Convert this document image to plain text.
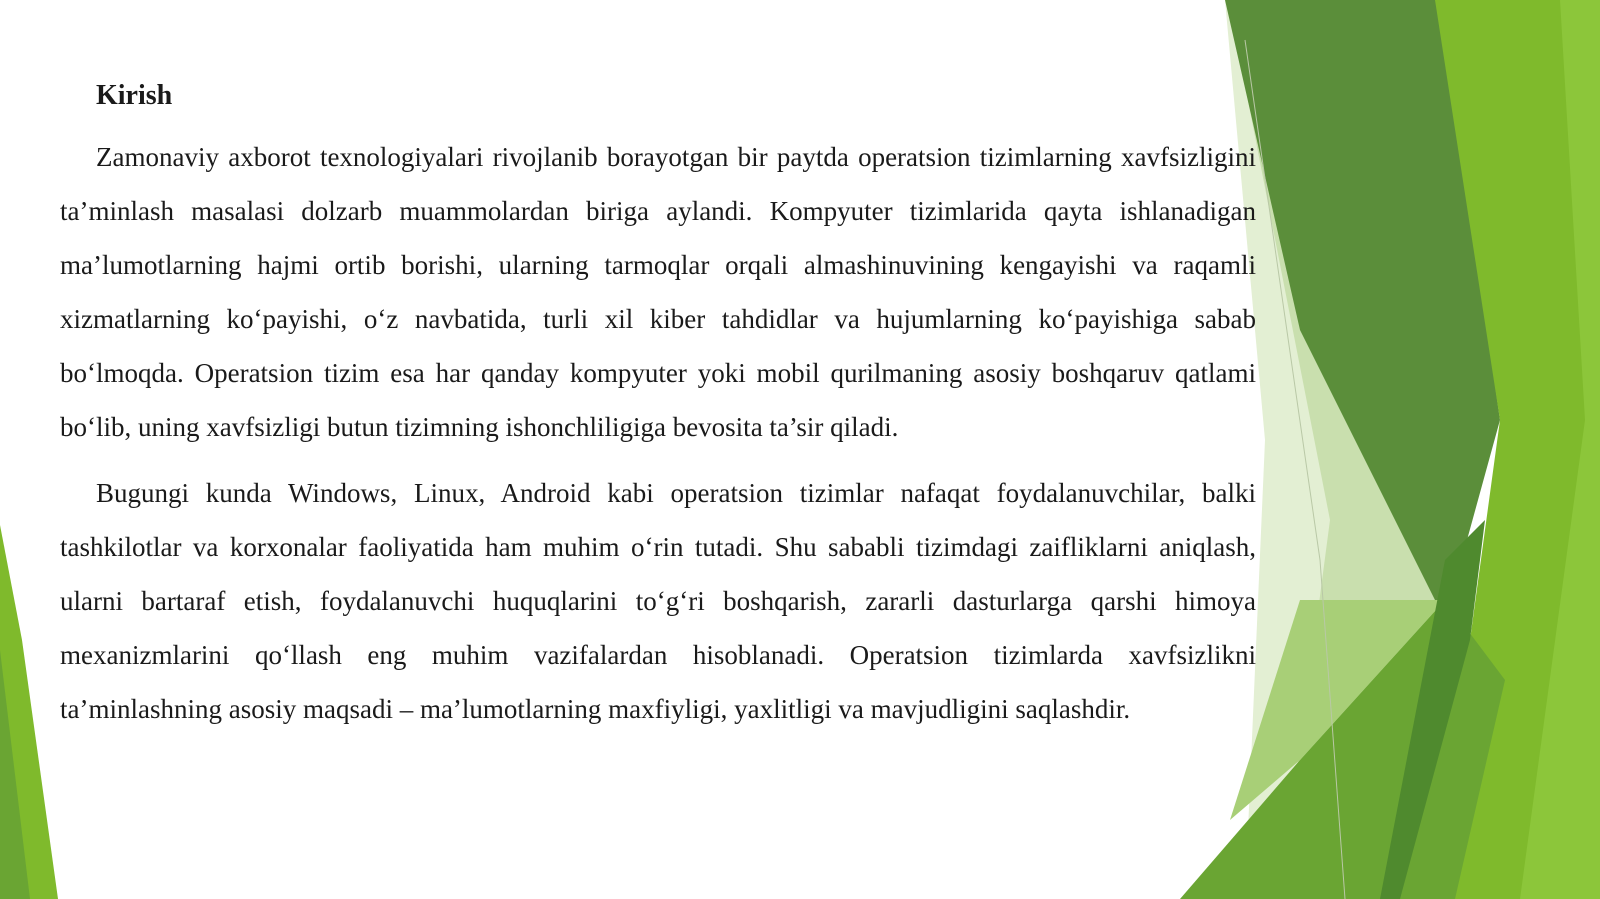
Kirish

Zamonaviy axborot texnologiyalari rivojlanib borayotgan bir paytda operatsion tizimlarning xavfsizligini ta’minlash masalasi dolzarb muammolardan biriga aylandi. Kompyuter tizimlarida qayta ishlanadigan ma’lumotlarning hajmi ortib borishi, ularning tarmoqlar orqali almashinuvining kengayishi va raqamli xizmatlarning ko‘payishi, o‘z navbatida, turli xil kiber tahdidlar va hujumlarning ko‘payishiga sabab bo‘lmoqda. Operatsion tizim esa har qanday kompyuter yoki mobil qurilmaning asosiy boshqaruv qatlami bo‘lib, uning xavfsizligi butun tizimning ishonchliligiga bevosita ta’sir qiladi.

Bugungi kunda Windows, Linux, Android kabi operatsion tizimlar nafaqat foydalanuvchilar, balki tashkilotlar va korxonalar faoliyatida ham muhim o‘rin tutadi. Shu sababli tizimdagi zaifliklarni aniqlash, ularni bartaraf etish, foydalanuvchi huquqlarini to‘g‘ri boshqarish, zararli dasturlarga qarshi himoya mexanizmlarini qo‘llash eng muhim vazifalardan hisoblanadi. Operatsion tizimlarda xavfsizlikni ta’minlashning asosiy maqsadi – ma’lumotlarning maxfiyligi, yaxlitligi va mavjudligini saqlashdir.
